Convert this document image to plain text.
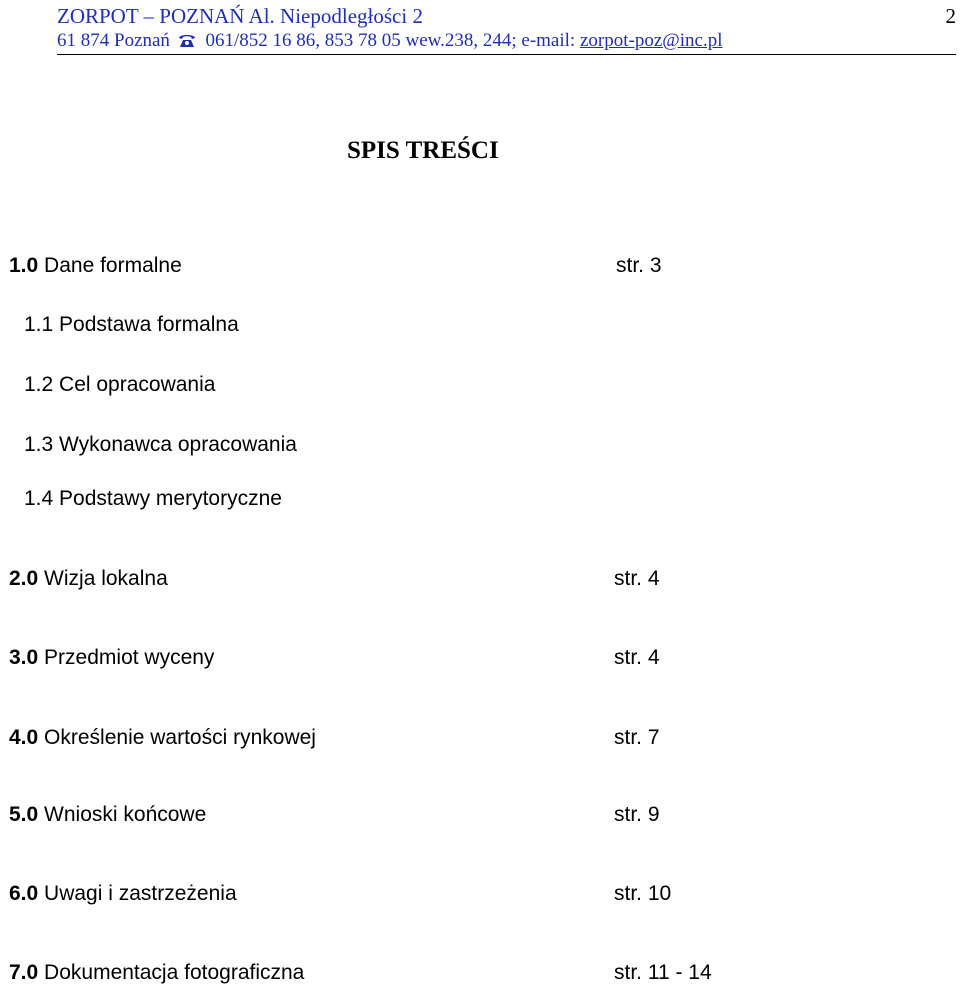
ZORPOT – POZNAŃ Al. Niepodległości 2
61 874 Poznań 061/852 16 86, 853 78 05 wew.238, 244; e-mail: zorpot-poz@inc.pl
2
SPIS TREŚCI
1.0 Dane formalne	str. 3
1.1 Podstawa formalna
1.2 Cel opracowania
1.3 Wykonawca opracowania
1.4 Podstawy merytoryczne
2.0 Wizja lokalna	str. 4
3.0 Przedmiot wyceny	str. 4
4.0 Określenie wartości rynkowej	str. 7
5.0 Wnioski końcowe	str. 9
6.0 Uwagi i zastrzeżenia	str. 10
7.0 Dokumentacja fotograficzna	str. 11 - 14
